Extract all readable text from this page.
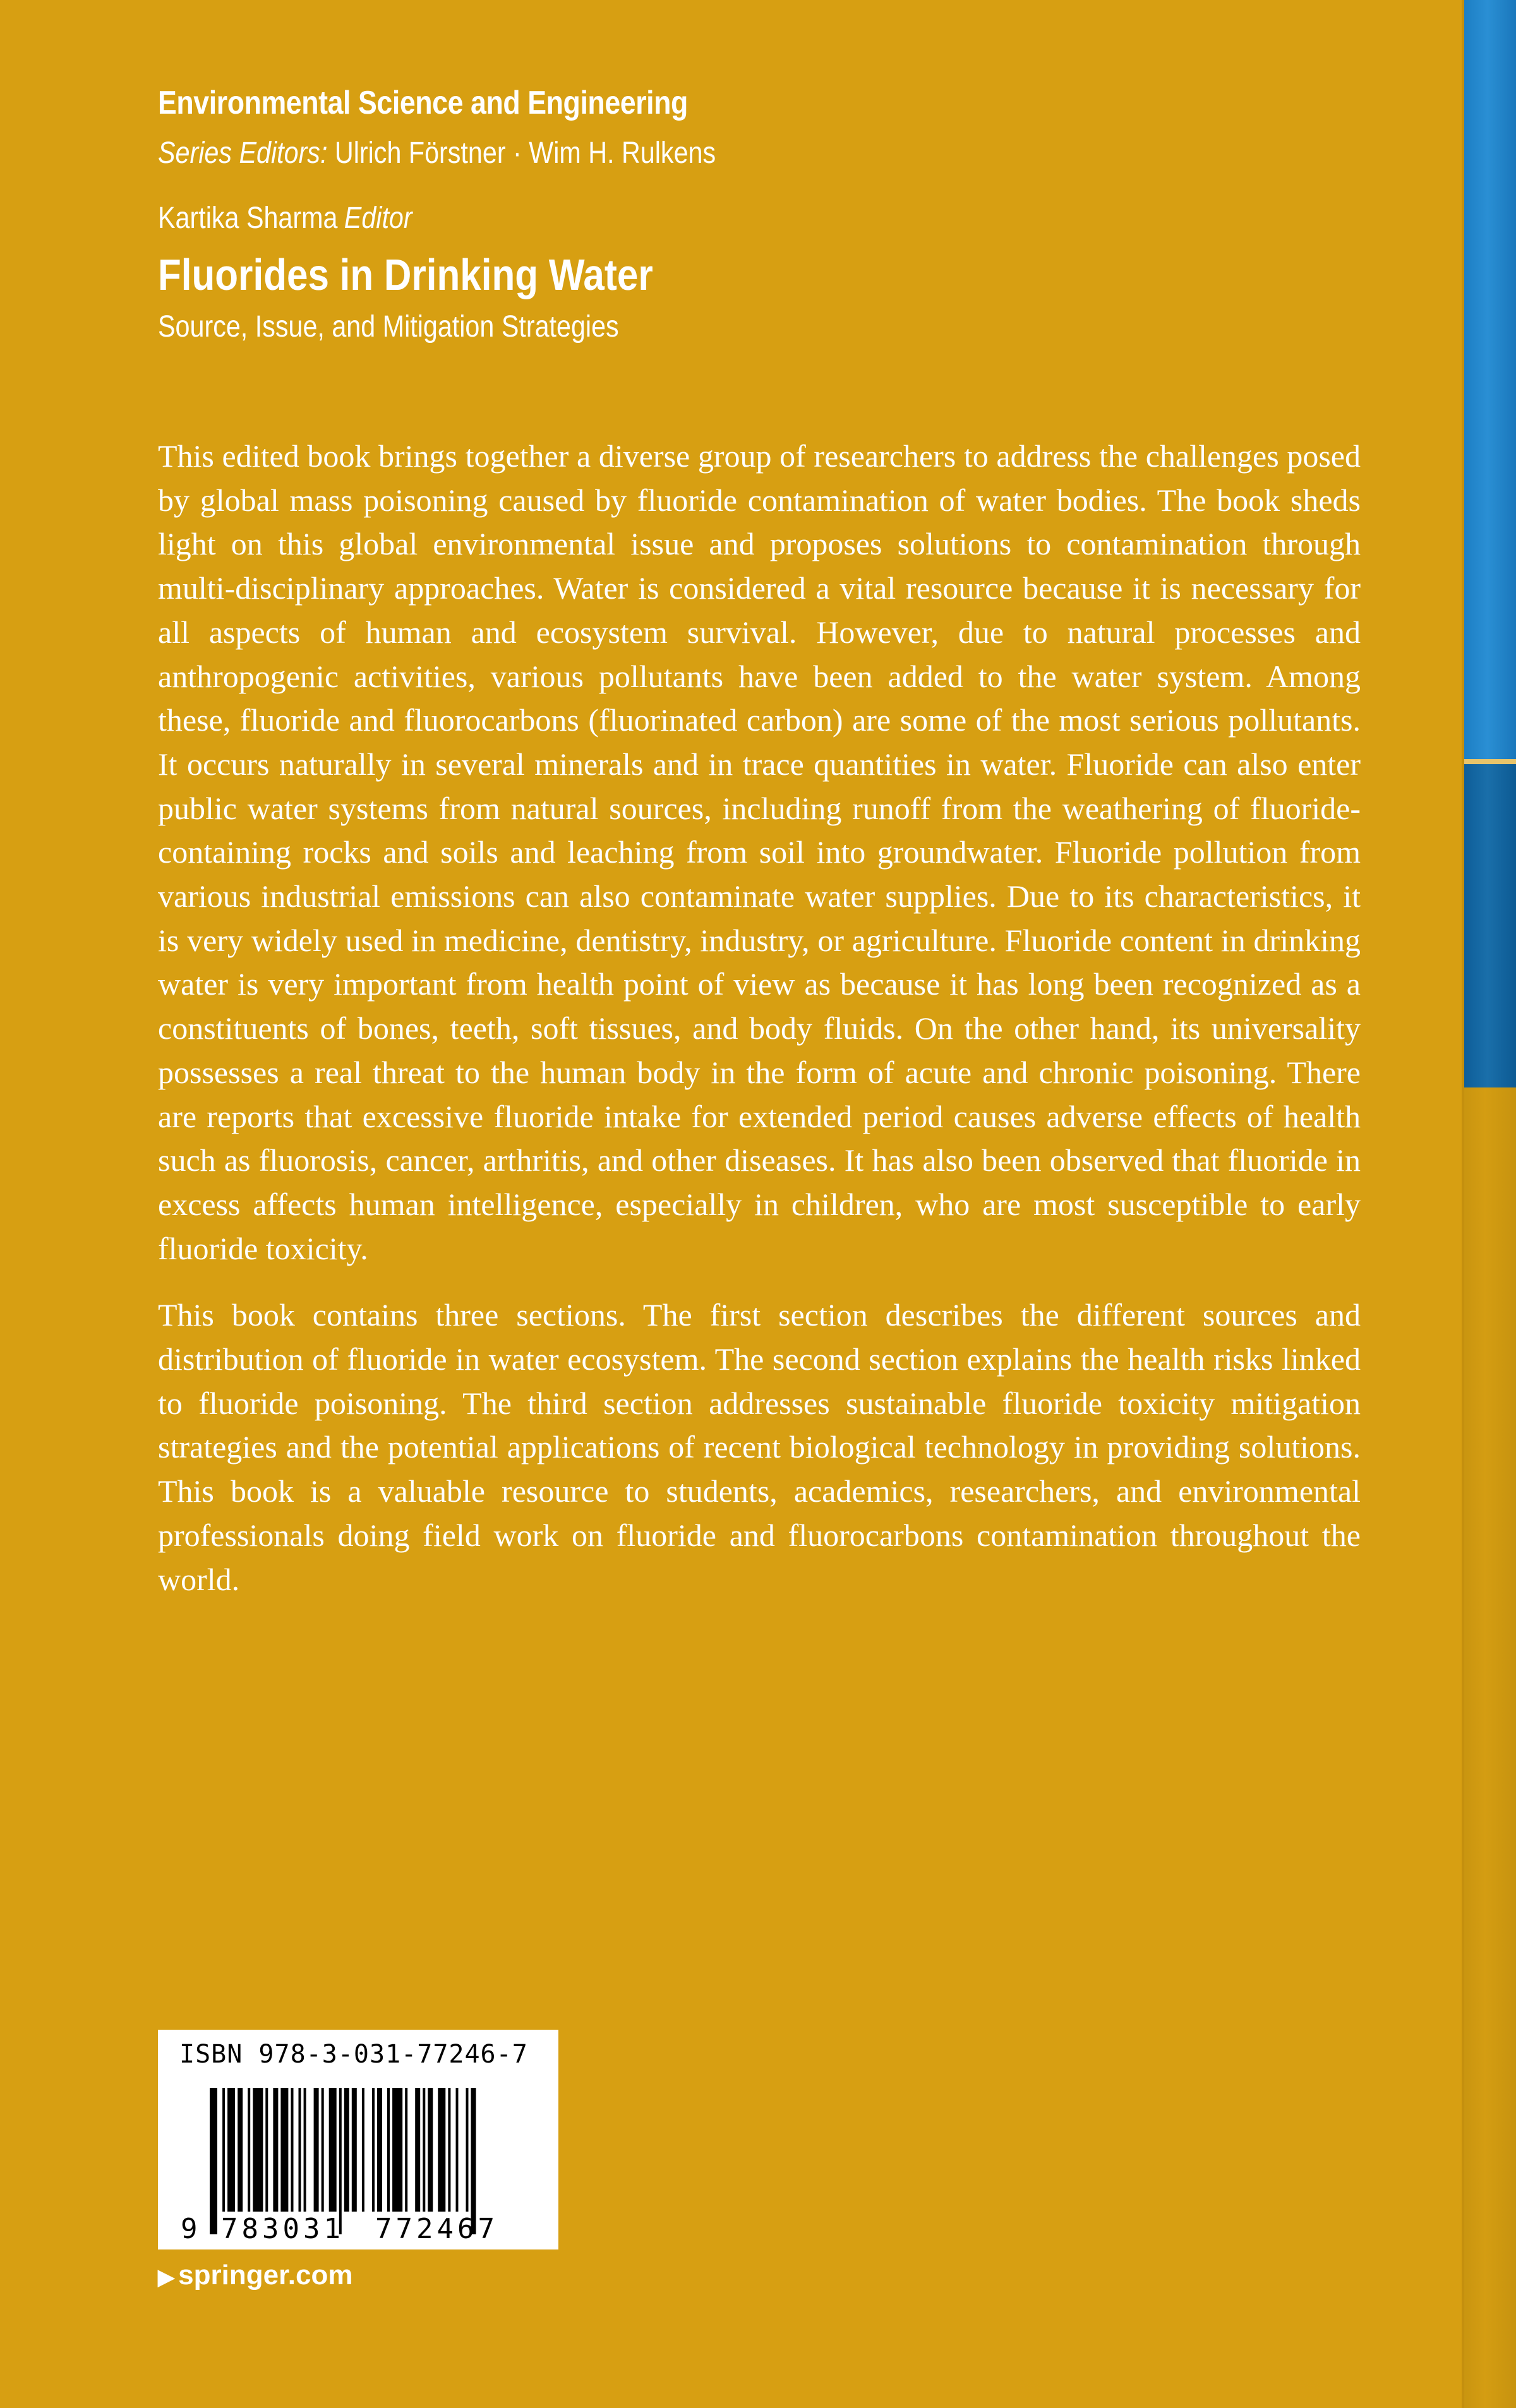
Environmental Science and Engineering
Series Editors: Ulrich Förstner · Wim H. Rulkens
Kartika Sharma Editor
Fluorides in Drinking Water
Source, Issue, and Mitigation Strategies

This edited book brings together a diverse group of researchers to address the challenges posed by global mass poisoning caused by fluoride contamination of water bodies. The book sheds light on this global environmental issue and proposes solutions to contamination through multi-disciplinary approaches. Water is considered a vital resource because it is necessary for all aspects of human and ecosystem survival. However, due to natural processes and anthropogenic activities, various pollutants have been added to the water system. Among these, fluoride and fluorocarbons (fluorinated carbon) are some of the most serious pollutants. It occurs naturally in several minerals and in trace quantities in water. Fluoride can also enter public water systems from natural sources, including runoff from the weathering of fluoride-containing rocks and soils and leaching from soil into groundwater. Fluoride pollution from various industrial emissions can also contaminate water supplies. Due to its characteristics, it is very widely used in medicine, dentistry, industry, or agriculture. Fluoride content in drinking water is very important from health point of view as because it has long been recognized as a constituents of bones, teeth, soft tissues, and body fluids. On the other hand, its universality possesses a real threat to the human body in the form of acute and chronic poisoning. There are reports that excessive fluoride intake for extended period causes adverse effects of health such as fluorosis, cancer, arthritis, and other diseases. It has also been observed that fluoride in excess affects human intelligence, especially in children, who are most susceptible to early fluoride toxicity.

This book contains three sections. The first section describes the different sources and distribution of fluoride in water ecosystem. The second section explains the health risks linked to fluoride poisoning. The third section addresses sustainable fluoride toxicity mitigation strategies and the potential applications of recent biological technology in providing solutions. This book is a valuable resource to students, academics, researchers, and environmental professionals doing field work on fluoride and fluorocarbons contamination throughout the world.

ISBN 978-3-031-77246-7
9 783031 772467
▶ springer.com
